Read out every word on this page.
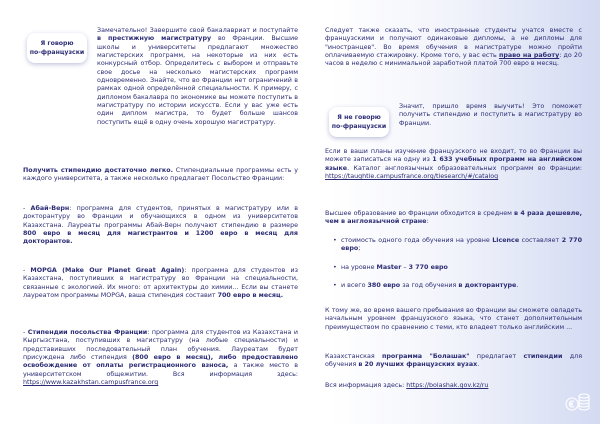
Я говорю
по-французски
Замечательно! Завершите свой бакалавриат и поступайте в престижную магистратуру во Франции. Высшие школы и университеты предлагают множество магистерских программ, на некоторые из них есть конкурсный отбор. Определитесь с выбором и отправьте свое досье на несколько магистерских программ одновременно. Знайте, что во Франции нет ограничений в рамках одной определённой специальности. К примеру, с дипломом бакалавра по экономике вы можете поступить в магистратуру по истории искусств. Если у вас уже есть один диплом магистра, то будет больше шансов поступить ещё в одну очень хорошую магистратуру.
Получить стипендию достаточно легко. Стипендиальные программы есть у каждого университета, а также несколько предлагает Посольство Франции:
- Абай-Верн: программа для студентов, принятых в магистратуру или в докторантуру во Франции и обучающихся в одном из университетов Казахстана. Лауреаты программы Абай-Верн получают стипендию в размере 800 евро в месяц для магистрантов и 1200 евро в месяц для докторантов.
- MOPGA (Make Our Planet Great Again): программа для студентов из Казахстана, поступивших в магистратуру во Франции на специальности, связанные с экологией. Их много: от архитектуры до химии... Если вы станете лауреатом программы MOPGA, ваша стипендия составит 700 евро в месяц.
- Стипендии посольства Франции: программа для студентов из Казахстана и Кыргызстана, поступивших в магистратуру (на любые специальности) и представивших последовательный план обучения. Лауреатам будет присуждена либо стипендия (800 евро в месяц), либо предоставлено освобождение от оплаты регистрационного взноса, а также место в университетском общежитии. Вся информация здесь: https://www.kazakhstan.campusfrance.org
Следует также сказать, что иностранные студенты учатся вместе с французскими и получают одинаковые дипломы, а не дипломы для "иностранцев". Во время обучения в магистратуре можно пройти оплачиваемую стажировку. Кроме того, у вас есть право на работу: до 20 часов в неделю с минимальной заработной платой 700 евро в месяц.
Я не говорю
по-французски
Значит, пришло время выучить! Это поможет получить стипендию и поступить в магистратуру во Франции.
Если в ваши планы изучение французского не входит, то во Франции вы можете записаться на одну из 1 633 учебных программ на английском языке. Каталог англоязычных образовательных программ во Франции: https://taughtie.campusfrance.org/tiesearch/#/catalog
Высшее образование во Франции обходится в среднем в 4 раза дешевле, чем в англоязычной стране:
• стоимость одного года обучения на уровне Licence составляет 2 770 евро;
• на уровне Master – 3 770 евро
• и всего 380 евро за год обучения в докторантуре.
К тому же, во время вашего пребывания во Франции вы сможете овладеть начальным уровнем французского языка, что станет дополнительным преимуществом по сравнению с теми, кто владеет только английским ...
Казахстанская программа "Болашак" предлагает стипендии для обучения в 20 лучших французских вузах.
Вся информация здесь: https://bolashak.gov.kz/ru
